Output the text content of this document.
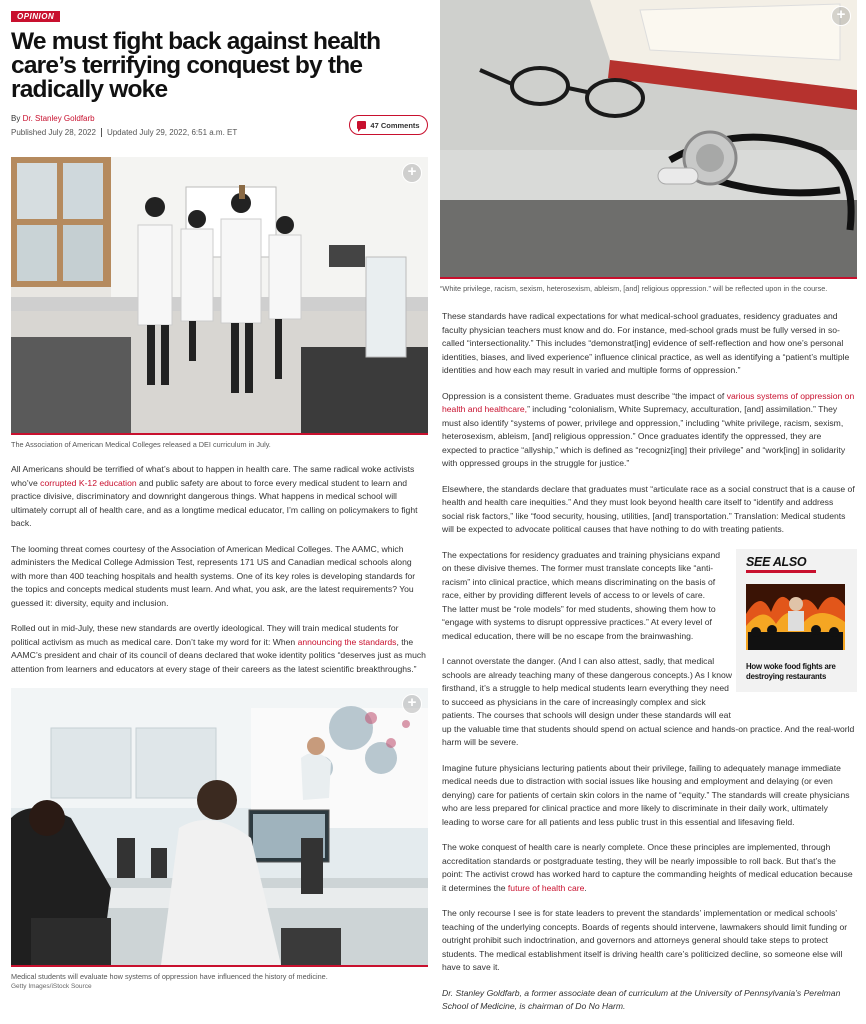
OPINION
We must fight back against health care’s terrifying conquest by the radically woke
By Dr. Stanley Goldfarb
Published July 28, 2022 Updated July 29, 2022, 6:51 a.m. ET
47 Comments
+

The Association of American Medical Colleges released a DEI curriculum in July.

All Americans should be terrified of what’s about to happen in health care. The same radical woke activists who’ve corrupted K-12 education and public safety are about to force every medical student to learn and practice divisive, discriminatory and downright dangerous things. What happens in medical school will ultimately corrupt all of health care, and as a longtime medical educator, I’m calling on policymakers to fight back.

The looming threat comes courtesy of the Association of American Medical Colleges. The AAMC, which administers the Medical College Admission Test, represents 171 US and Canadian medical schools along with more than 400 teaching hospitals and health systems. One of its key roles is developing standards for the topics and concepts medical students must learn. And what, you ask, are the latest requirements? You guessed it: diversity, equity and inclusion.

Rolled out in mid-July, these new standards are overtly ideological. They will train medical students for political activism as much as medical care. Don’t take my word for it: When announcing the standards, the AAMC’s president and chair of its council of deans declared that woke identity politics “deserves just as much attention from learners and educators at every stage of their careers as the latest scientific breakthroughs.”

+

Medical students will evaluate how systems of oppression have influenced the history of medicine.

Getty Images/iStock Source

+

“White privilege, racism, sexism, heterosexism, ableism, [and] religious oppression.” will be reflected upon in the course.

These standards have radical expectations for what medical-school graduates, residency graduates and faculty physician teachers must know and do. For instance, med-school grads must be fully versed in so-called “intersectionality.” This includes “demonstrat[ing] evidence of self-reflection and how one’s personal identities, biases, and lived experience” influence clinical practice, as well as identifying a “patient’s multiple identities and how each may result in varied and multiple forms of oppression.”

Oppression is a consistent theme. Graduates must describe “the impact of various systems of oppression on health and healthcare,” including “colonialism, White Supremacy, acculturation, [and] assimilation.” They must also identify “systems of power, privilege and oppression,” including “white privilege, racism, sexism, heterosexism, ableism, [and] religious oppression.” Once graduates identify the oppressed, they are expected to practice “allyship,” which is defined as “recogniz[ing] their privilege” and “work[ing] in solidarity with oppressed groups in the struggle for justice.”

Elsewhere, the standards declare that graduates must “articulate race as a social construct that is a cause of health and health care inequities.” And they must look beyond health care itself to “identify and address social risk factors,” like “food security, housing, utilities, [and] transportation.” Translation: Medical students will be expected to advocate political causes that have nothing to do with treating patients.

SEE ALSO
How woke food fights are destroying restaurants

The expectations for residency graduates and training physicians expand on these divisive themes. The former must translate concepts like “anti-racism” into clinical practice, which means discriminating on the basis of race, either by providing different levels of access to or levels of care. The latter must be “role models” for med students, showing them how to “engage with systems to disrupt oppressive practices.” At every level of medical education, there will be no escape from the brainwashing.

I cannot overstate the danger. (And I can also attest, sadly, that medical schools are already teaching many of these dangerous concepts.) As I know firsthand, it’s a struggle to help medical students learn everything they need to succeed as physicians in the care of increasingly complex and sick patients. The courses that schools will design under these standards will eat up the valuable time that students should spend on actual science and hands-on practice. And the real-world harm will be severe.

Imagine future physicians lecturing patients about their privilege, failing to adequately manage immediate medical needs due to distraction with social issues like housing and employment and delaying (or even denying) care for patients of certain skin colors in the name of “equity.” The standards will create physicians who are less prepared for clinical practice and more likely to discriminate in their daily work, ultimately leading to worse care for all patients and less public trust in this essential and lifesaving field.

The woke conquest of health care is nearly complete. Once these principles are implemented, through accreditation standards or postgraduate testing, they will be nearly impossible to roll back. But that’s the point: The activist crowd has worked hard to capture the commanding heights of medical education because it determines the future of health care.

The only recourse I see is for state leaders to prevent the standards’ implementation or medical schools’ teaching of the underlying concepts. Boards of regents should intervene, lawmakers should limit funding or outright prohibit such indoctrination, and governors and attorneys general should take steps to protect students. The medical establishment itself is driving health care’s politicized decline, so someone else will have to save it.

Dr. Stanley Goldfarb, a former associate dean of curriculum at the University of Pennsylvania’s Perelman School of Medicine, is chairman of Do No Harm.
